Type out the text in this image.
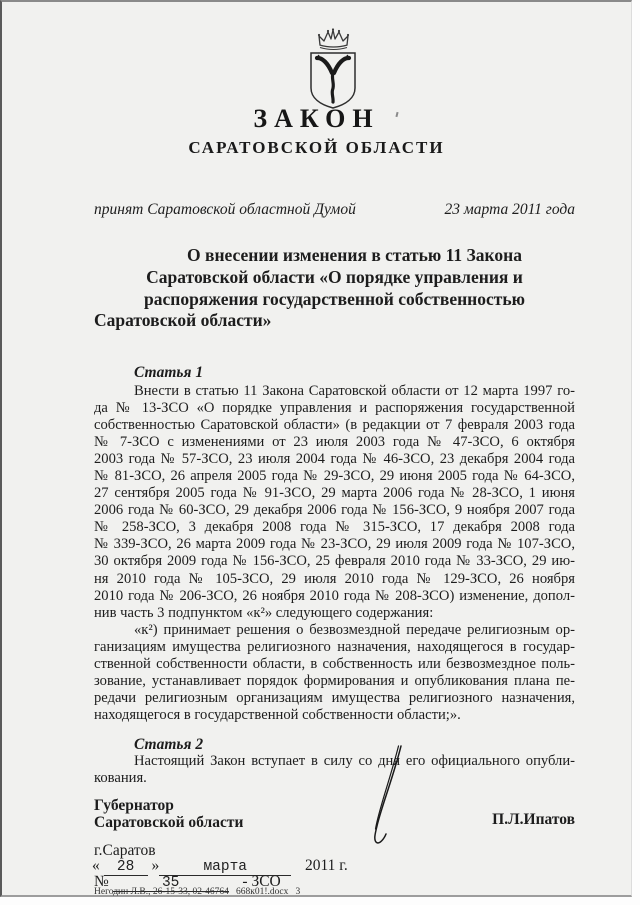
ЗАКОН
САРАТОВСКОЙ ОБЛАСТИ
принят Саратовской областной Думой	23 марта 2011 года
О внесении изменения в статью 11 Закона
Саратовской области «О порядке управления и
распоряжения государственной собственностью
Саратовской области»
Статья 1
Внести в статью 11 Закона Саратовской области от 12 марта 1997 го-
да № 13-ЗСО «О порядке управления и распоряжения государственной
собственностью Саратовской области» (в редакции от 7 февраля 2003 года
№ 7-ЗСО с изменениями от 23 июля 2003 года № 47-ЗСО, 6 октября
2003 года № 57-ЗСО, 23 июля 2004 года № 46-ЗСО, 23 декабря 2004 года
№ 81-ЗСО, 26 апреля 2005 года № 29-ЗСО, 29 июня 2005 года № 64-ЗСО,
27 сентября 2005 года № 91-ЗСО, 29 марта 2006 года № 28-ЗСО, 1 июня
2006 года № 60-ЗСО, 29 декабря 2006 года № 156-ЗСО, 9 ноября 2007 года
№ 258-ЗСО, 3 декабря 2008 года № 315-ЗСО, 17 декабря 2008 года
№ 339-ЗСО, 26 марта 2009 года № 23-ЗСО, 29 июля 2009 года № 107-ЗСО,
30 октября 2009 года № 156-ЗСО, 25 февраля 2010 года № 33-ЗСО, 29 ию-
ня 2010 года № 105-ЗСО, 29 июля 2010 года № 129-ЗСО, 26 ноября
2010 года № 206-ЗСО, 26 ноября 2010 года № 208-ЗСО) изменение, допол-
нив часть 3 подпунктом «к²» следующего содержания:
«к²) принимает решения о безвозмездной передаче религиозным ор-
ганизациям имущества религиозного назначения, находящегося в государ-
ственной собственности области, в собственность или безвозмездное поль-
зование, устанавливает порядок формирования и опубликования плана пе-
редачи религиозным организациям имущества религиозного назначения,
находящегося в государственной собственности области;».
Статья 2
Настоящий Закон вступает в силу со дня его официального опубли-
кования.
Губернатор
Саратовской области	П.Л.Ипатов
г.Саратов
« 28 »	марта	2011 г.
№	35	- ЗСО
Негодин Л.В., 26-15-33, 02-46764   668к01!.docx   3
